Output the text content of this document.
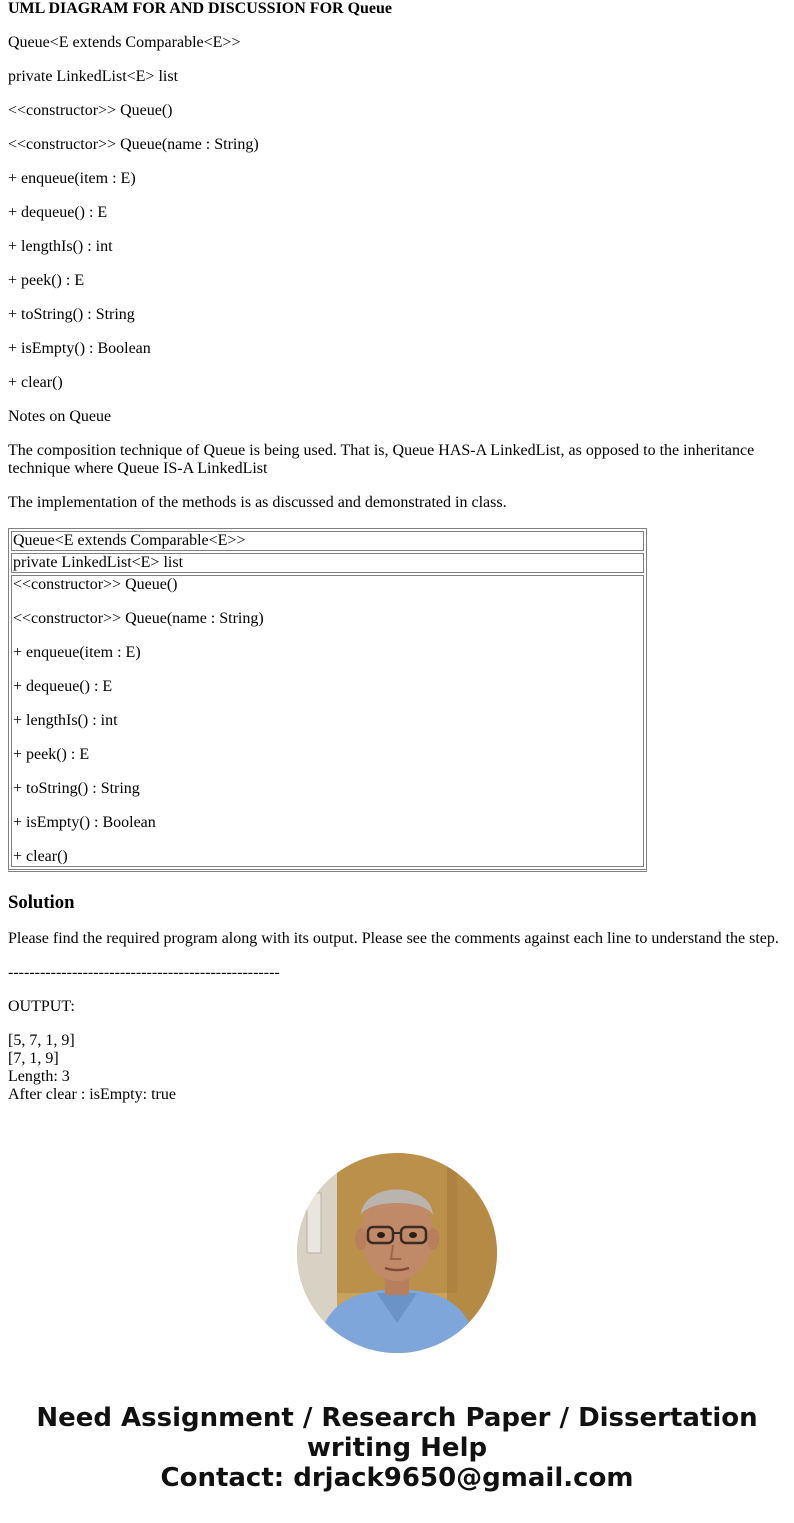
UML DIAGRAM FOR AND DISCUSSION FOR Queue
Queue<E extends Comparable<E>>
private LinkedList<E> list
<<constructor>> Queue()
<<constructor>> Queue(name : String)
+ enqueue(item : E)
+ dequeue() : E
+ lengthIs() : int
+ peek() : E
+ toString() : String
+ isEmpty() : Boolean
+ clear()
Notes on Queue
The composition technique of Queue is being used. That is, Queue HAS-A LinkedList, as opposed to the inheritance technique where Queue IS-A LinkedList
The implementation of the methods is as discussed and demonstrated in class.
Queue<E extends Comparable<E>>
private LinkedList<E> list

<<constructor>> Queue()

<<constructor>> Queue(name : String)

+ enqueue(item : E)

+ dequeue() : E

+ lengthIs() : int

+ peek() : E

+ toString() : String

+ isEmpty() : Boolean

+ clear()

Solution
Please find the required program along with its output. Please see the comments against each line to understand the step.
---------------------------------------------------
OUTPUT:
[5, 7, 1, 9]
[7, 1, 9]
Length: 3
After clear : isEmpty: true
Need Assignment / Research Paper / Dissertation
writing Help
Contact: drjack9650@gmail.com
